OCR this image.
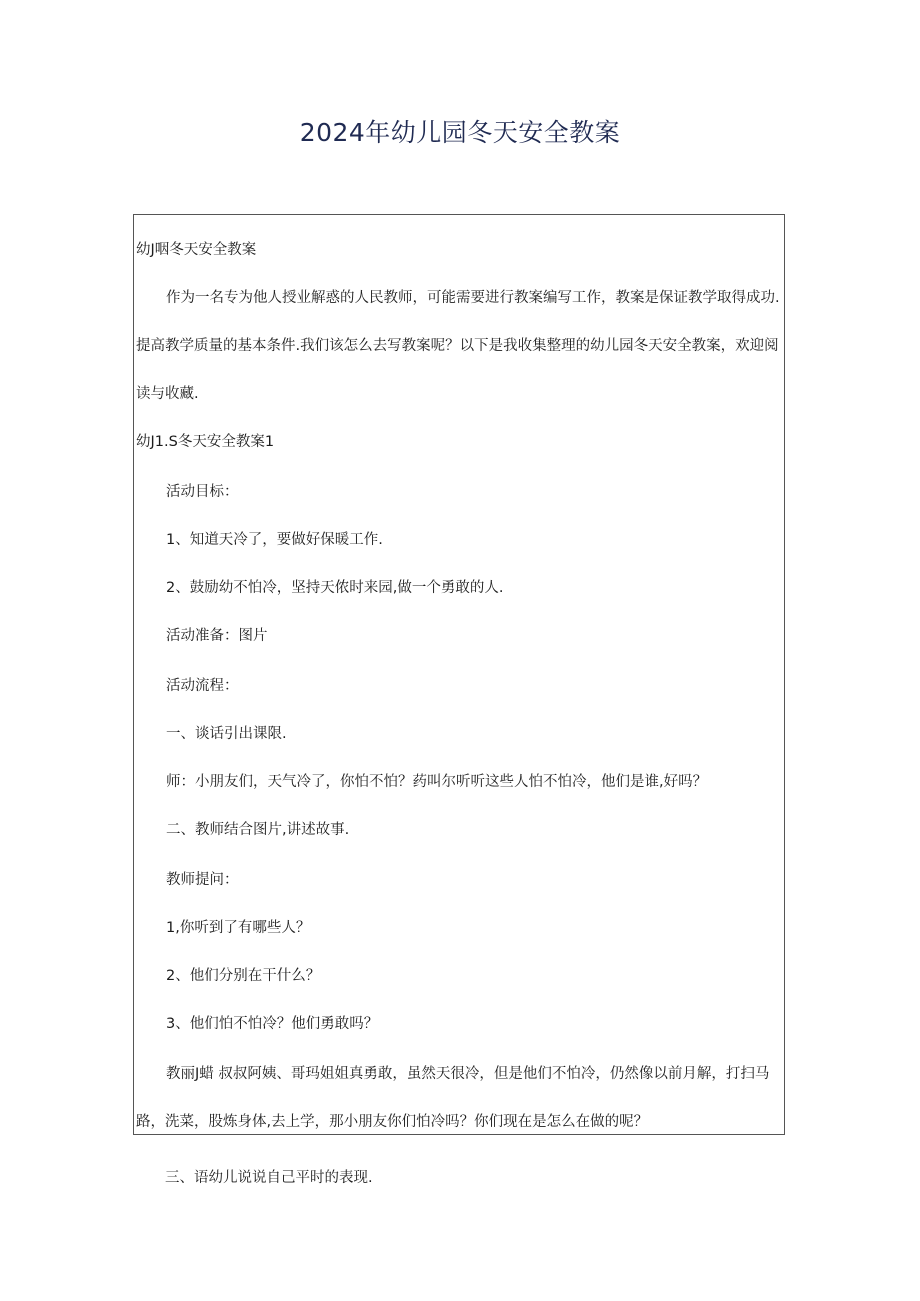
2024年幼儿园冬天安全教案
幼J咽冬天安全教案
作为一名专为他人授业解惑的人民教师，可能需要进行教案编写工作，教案是保证教学取得成功.
提高教学质量的基本条件.我们该怎么去写教案呢？以下是我收集整理的幼儿园冬天安全教案，欢迎阅
读与收藏.
幼J1.S冬天安全教案1
活动目标：
1、知道天冷了，要做好保暖工作.
2、鼓励幼不怕冷，坚持天侬时来园,做一个勇敢的人.
活动准备：图片
活动流程：
一、谈话引出课限.
师：小朋友们，天气冷了，你怕不怕？药叫尔听听这些人怕不怕冷，他们是谁,好吗？
二、教师结合图片,讲述故事.
教师提问：
1,你听到了有哪些人？
2、他们分别在干什么？
3、他们怕不怕冷？他们勇敢吗？
教丽J蜡 叔叔阿姨、哥玛姐姐真勇敢，虽然天很冷，但是他们不怕冷，仍然像以前月解，打扫马
路，洗菜，股炼身体,去上学，那小朋友你们怕冷吗？你们现在是怎么在做的呢？
三、语幼儿说说自己平时的表现.
